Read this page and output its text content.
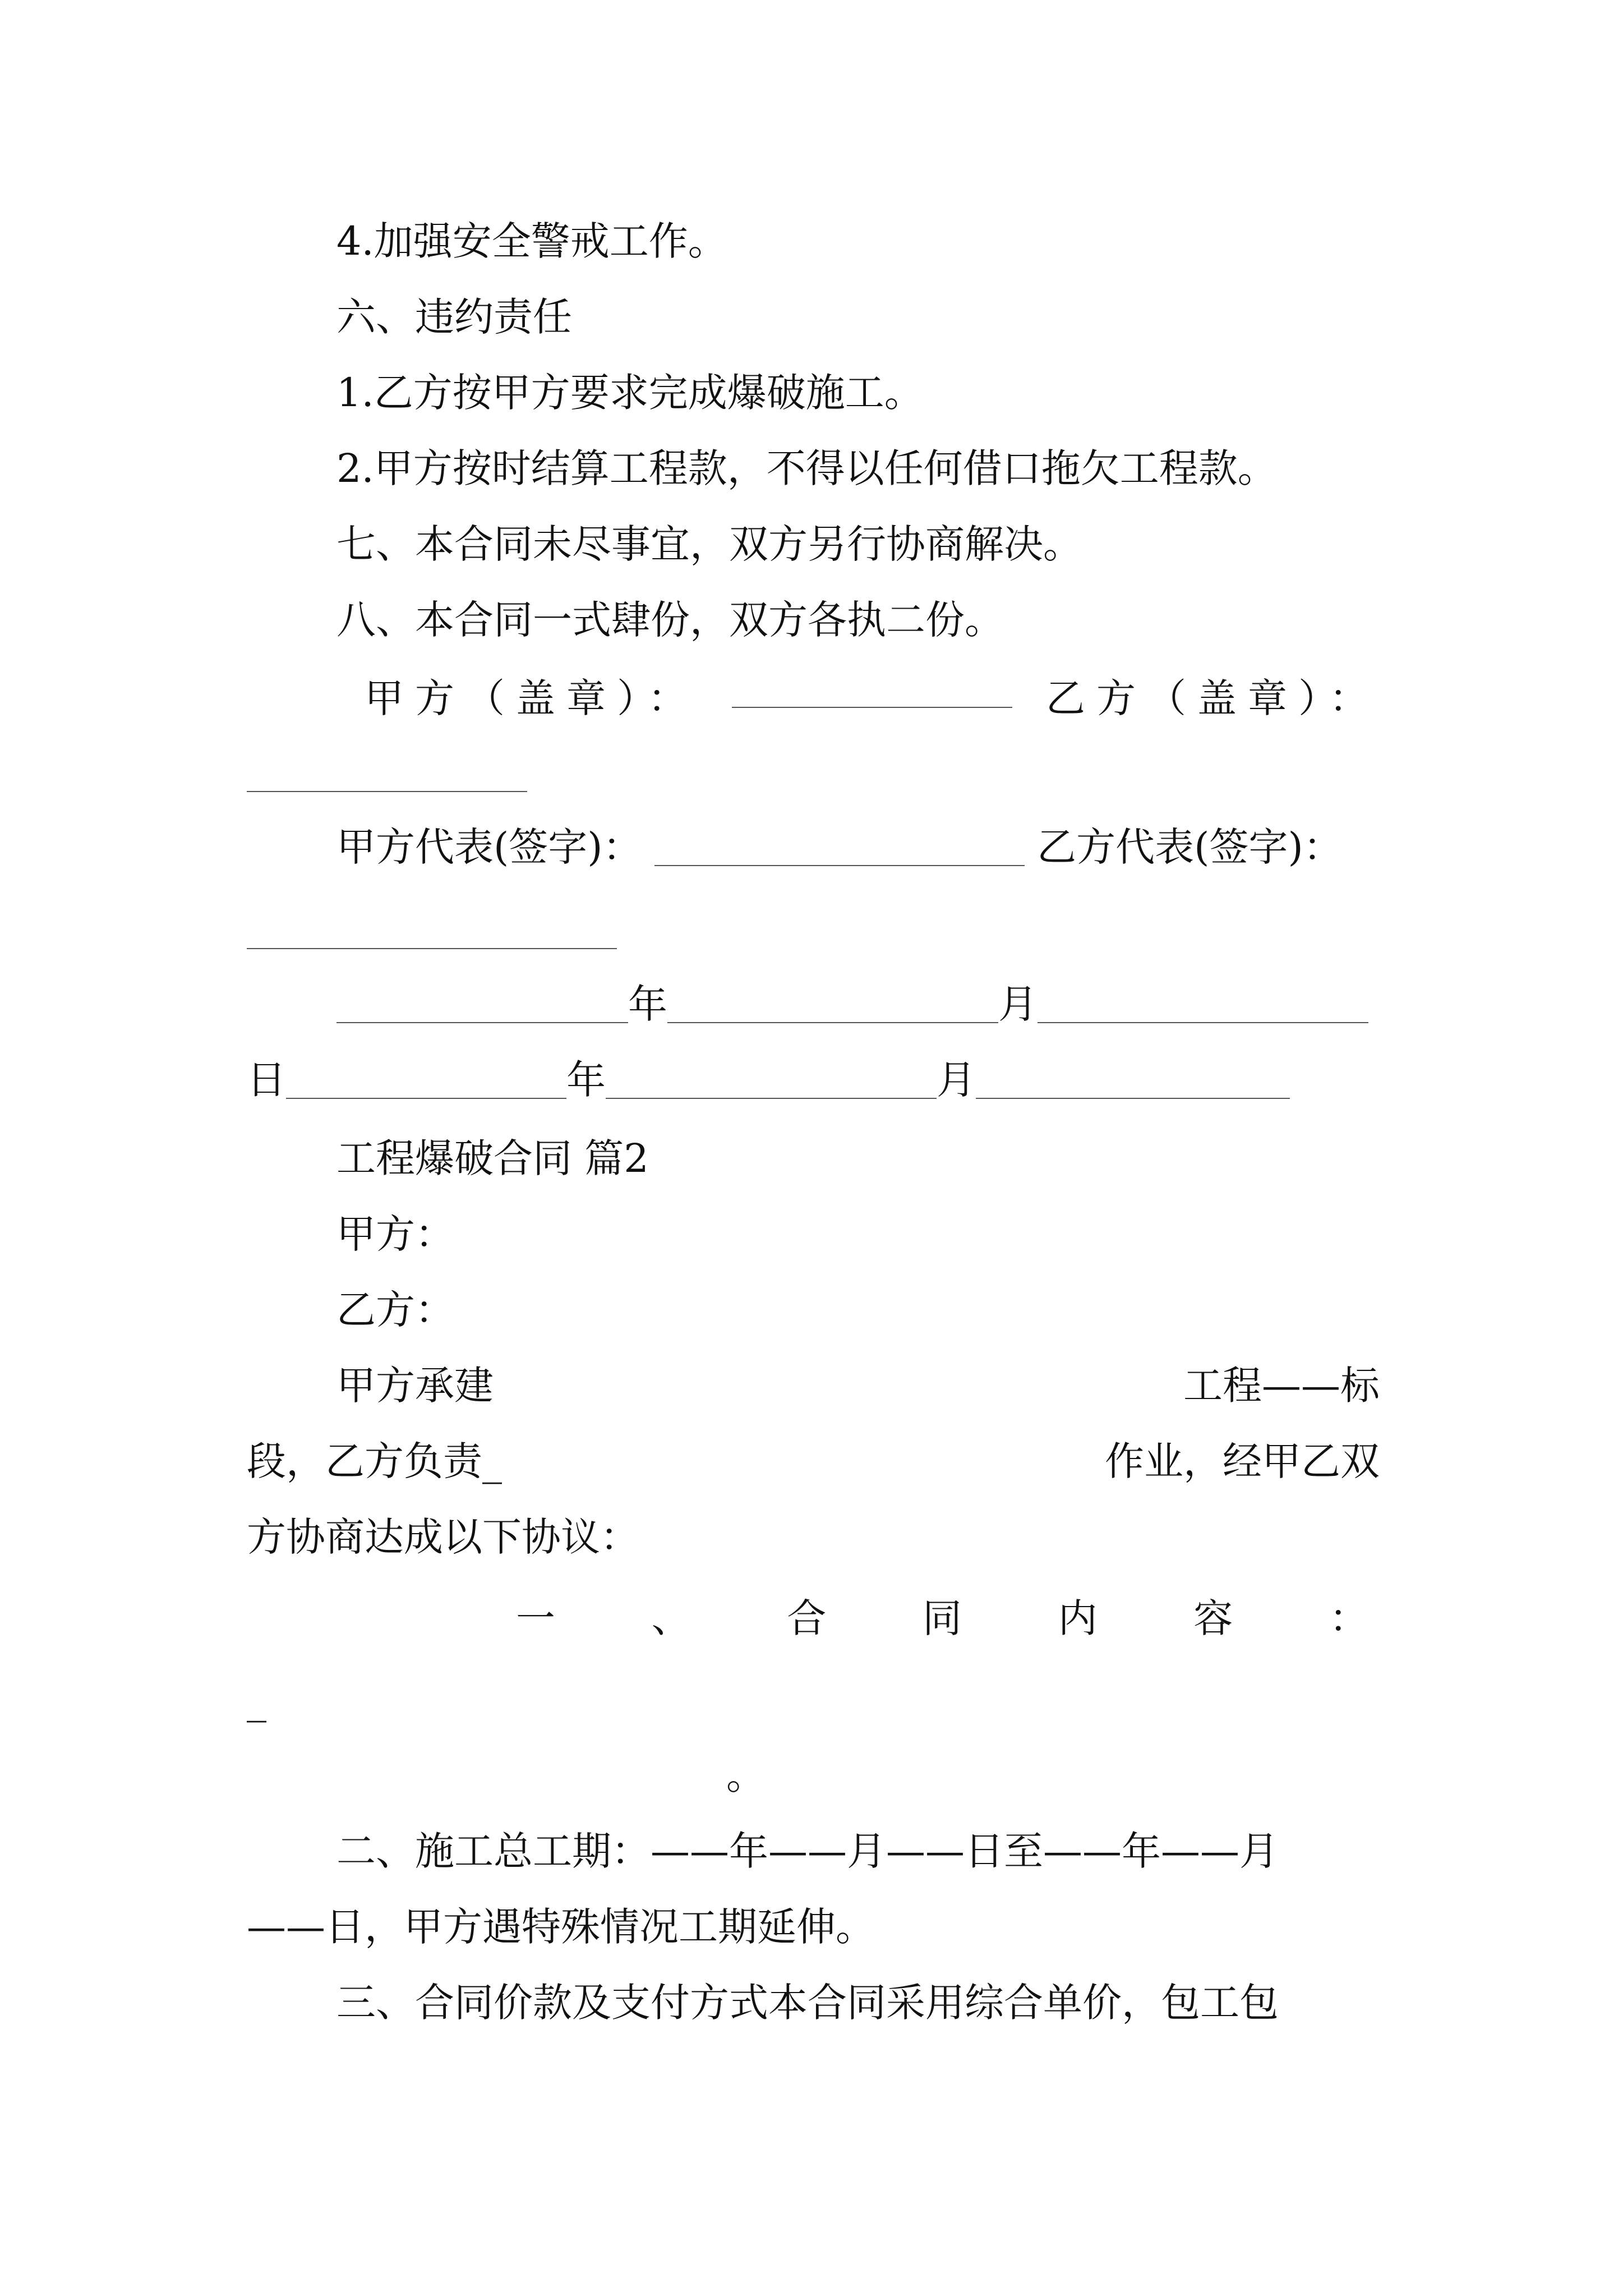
4.加强安全警戒工作。
六、违约责任
1.乙方按甲方要求完成爆破施工。
2.甲方按时结算工程款，不得以任何借口拖欠工程款。
七、本合同未尽事宜，双方另行协商解决。
八、本合同一式肆份，双方各执二份。
甲方（盖章）：	乙方（盖章）：
甲方代表(签字)：	乙方代表(签字)：
年	月
日	年	月
工程爆破合同 篇2
甲方：
乙方：
甲方承建	工程——标
段，乙方负责_	作业，经甲乙双
方协商达成以下协议：
一 、 合 同 内 容 ：
_
。
二、施工总工期：——年——月——日至——年——月
——日，甲方遇特殊情况工期延伸。
三、合同价款及支付方式本合同采用综合单价，包工包
